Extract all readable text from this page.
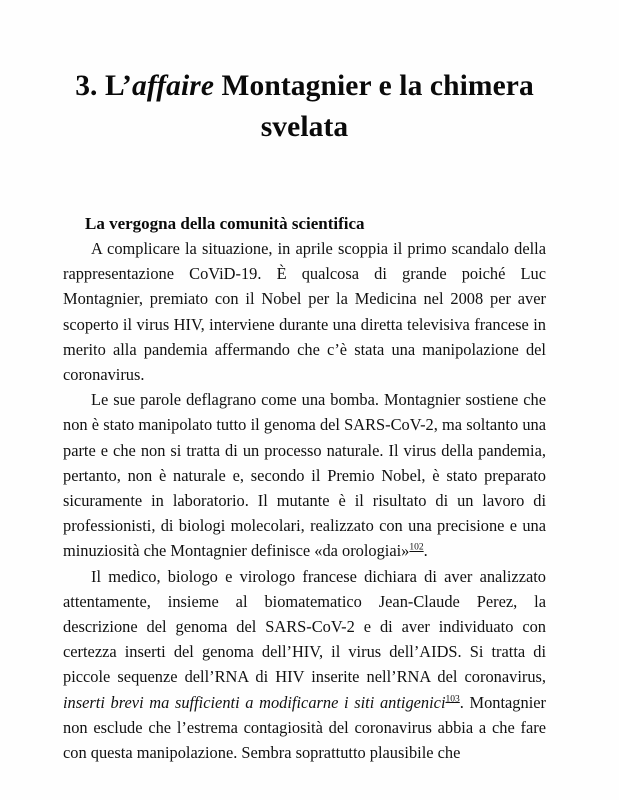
3. L’affaire Montagnier e la chimera svelata
La vergogna della comunità scientifica

A complicare la situazione, in aprile scoppia il primo scandalo della rappresentazione CoViD-19. È qualcosa di grande poiché Luc Montagnier, premiato con il Nobel per la Medicina nel 2008 per aver scoperto il virus HIV, interviene durante una diretta televisiva francese in merito alla pandemia affermando che c’è stata una manipolazione del coronavirus.

Le sue parole deflagrano come una bomba. Montagnier sostiene che non è stato manipolato tutto il genoma del SARS-CoV-2, ma soltanto una parte e che non si tratta di un processo naturale. Il virus della pandemia, pertanto, non è naturale e, secondo il Premio Nobel, è stato preparato sicuramente in laboratorio. Il mutante è il risultato di un lavoro di professionisti, di biologi molecolari, realizzato con una precisione e una minuziosità che Montagnier definisce «da orologiai»$^{102}$.

Il medico, biologo e virologo francese dichiara di aver analizzato attentamente, insieme al biomatematico Jean-Claude Perez, la descrizione del genoma del SARS-CoV-2 e di aver individuato con certezza inserti del genoma dell’HIV, il virus dell’AIDS. Si tratta di piccole sequenze dell’RNA di HIV inserite nell’RNA del coronavirus, inserti brevi ma sufficienti a modificarne i siti antigenici$^{103}$. Montagnier non esclude che l’estrema contagiosità del coronavirus abbia a che fare con questa manipolazione. Sembra soprattutto plausibile che
